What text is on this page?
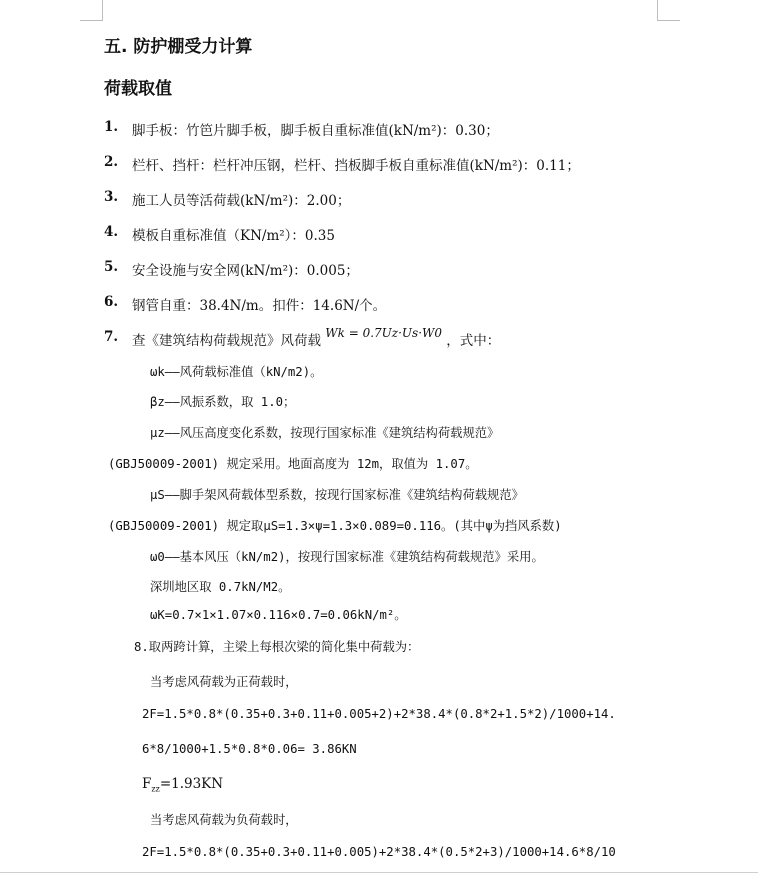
五. 防护棚受力计算
荷载取值
1. 脚手板：竹笆片脚手板，脚手板自重标准值(kN/m²)：0.30；
2. 栏杆、挡杆：栏杆冲压钢，栏杆、挡板脚手板自重标准值(kN/m²)：0.11；
3. 施工人员等活荷载(kN/m²)：2.00；
4. 模板自重标准值（KN/m²）：0.35
5. 安全设施与安全网(kN/m²)：0.005；
6. 钢管自重：38.4N/m。扣件：14.6N/个。
7. 查《建筑结构荷载规范》风荷载 Wk = 0.7Uz·Us·W0 ，式中：
ωk——风荷载标准值（kN/m2)。
βz——风振系数，取 1.0；
μz——风压高度变化系数，按现行国家标准《建筑结构荷载规范》
(GBJ50009-2001) 规定采用。地面高度为 12m，取值为 1.07。
μS——脚手架风荷载体型系数，按现行国家标准《建筑结构荷载规范》
(GBJ50009-2001) 规定取μS=1.3×ψ=1.3×0.089=0.116。(其中ψ为挡风系数)
ω0——基本风压（kN/m2)，按现行国家标准《建筑结构荷载规范》采用。
深圳地区取 0.7kN/M2。
ωK=0.7×1×1.07×0.116×0.7=0.06kN/m²。
8.取两跨计算，主梁上每根次梁的简化集中荷载为：
当考虑风荷载为正荷载时，
2F=1.5*0.8*(0.35+0.3+0.11+0.005+2)+2*38.4*(0.8*2+1.5*2)/1000+14.
6*8/1000+1.5*0.8*0.06= 3.86KN
$F_{zz}=1.93KN$
当考虑风荷载为负荷载时，
2F=1.5*0.8*(0.35+0.3+0.11+0.005)+2*38.4*(0.5*2+3)/1000+14.6*8/10
